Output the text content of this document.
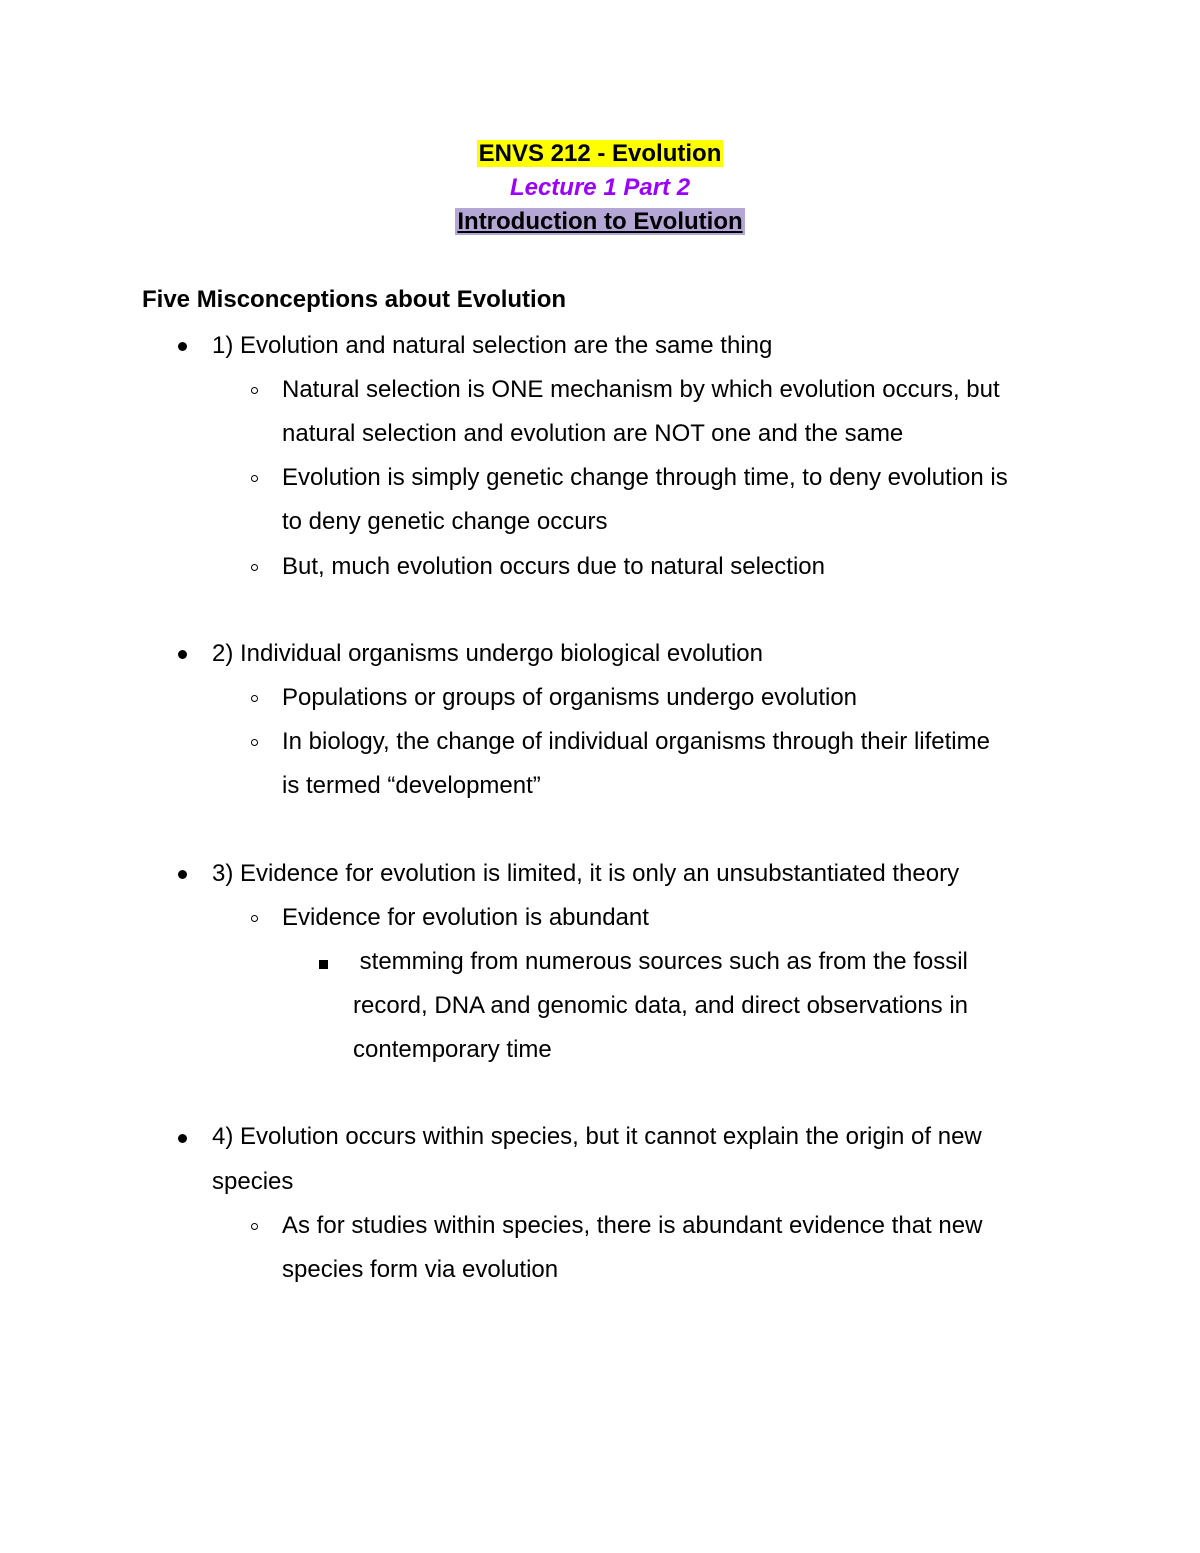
ENVS 212 - Evolution
Lecture 1 Part 2
Introduction to Evolution
Five Misconceptions about Evolution
1) Evolution and natural selection are the same thing
Natural selection is ONE mechanism by which evolution occurs, but
natural selection and evolution are NOT one and the same
Evolution is simply genetic change through time, to deny evolution is
to deny genetic change occurs
But, much evolution occurs due to natural selection
2) Individual organisms undergo biological evolution
Populations or groups of organisms undergo evolution
In biology, the change of individual organisms through their lifetime
is termed “development”
3) Evidence for evolution is limited, it is only an unsubstantiated theory
Evidence for evolution is abundant
stemming from numerous sources such as from the fossil
record, DNA and genomic data, and direct observations in
contemporary time
4) Evolution occurs within species, but it cannot explain the origin of new
species
As for studies within species, there is abundant evidence that new
species form via evolution
